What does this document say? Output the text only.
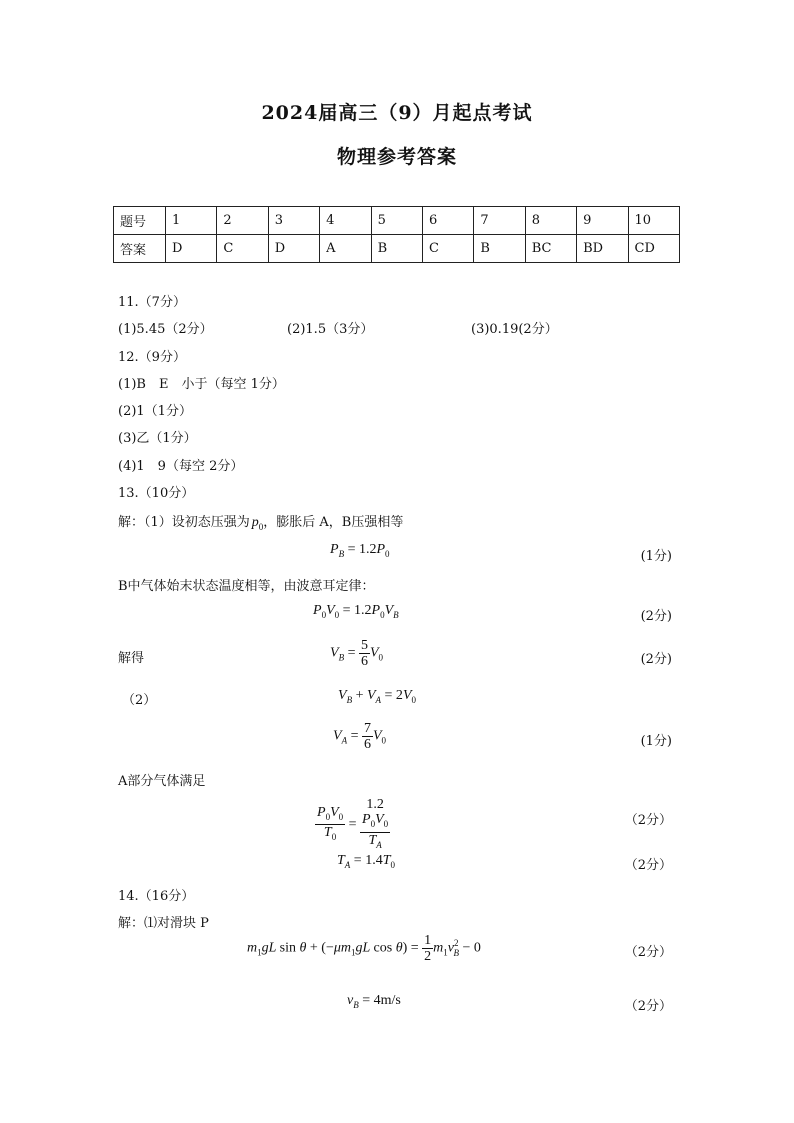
2024届高三（9）月起点考试
物理参考答案
题号	1	2	3	4	5	6	7	8	9	10
答案	D	C	D	A	B	C	B	BC	BD	CD
11.（7分）
(1)5.45（2分）	(2)1.5（3分）	(3)0.19(2分）
12.（9分）
(1)B　E　小于（每空 1分）
(2)1（1分）
(3)乙（1分）
(4)1　9（每空 2分）
13.（10分）
解：（1）设初态压强为 $p_0$，膨胀后 A，B压强相等
$P_B = 1.2P_0$	(1分)
B中气体始末状态温度相等，由波意耳定律：
$P_0V_0 = 1.2P_0V_B$	(2分)
解得	$V_B = \frac{5}{6} V_0$	(2分)
（2）	$V_B + V_A = 2V_0$
$V_A = \frac{7}{6} V_0$	(1分)
A部分气体满足
$\frac{P_0V_0}{T_0} = 1.2$
$P_0V_0$
$T_A$	（2分）
$T_A = 1.4T_0$	（2分）
14.（16分）
解：⑴对滑块 P
$m_1gL$ $\sin \theta + (-\mu m_1gL$ $\cos \theta) = \frac{1}{2} m_1v^2_B - 0$	（2分）
$v_B = 4m/s$	（2分）
